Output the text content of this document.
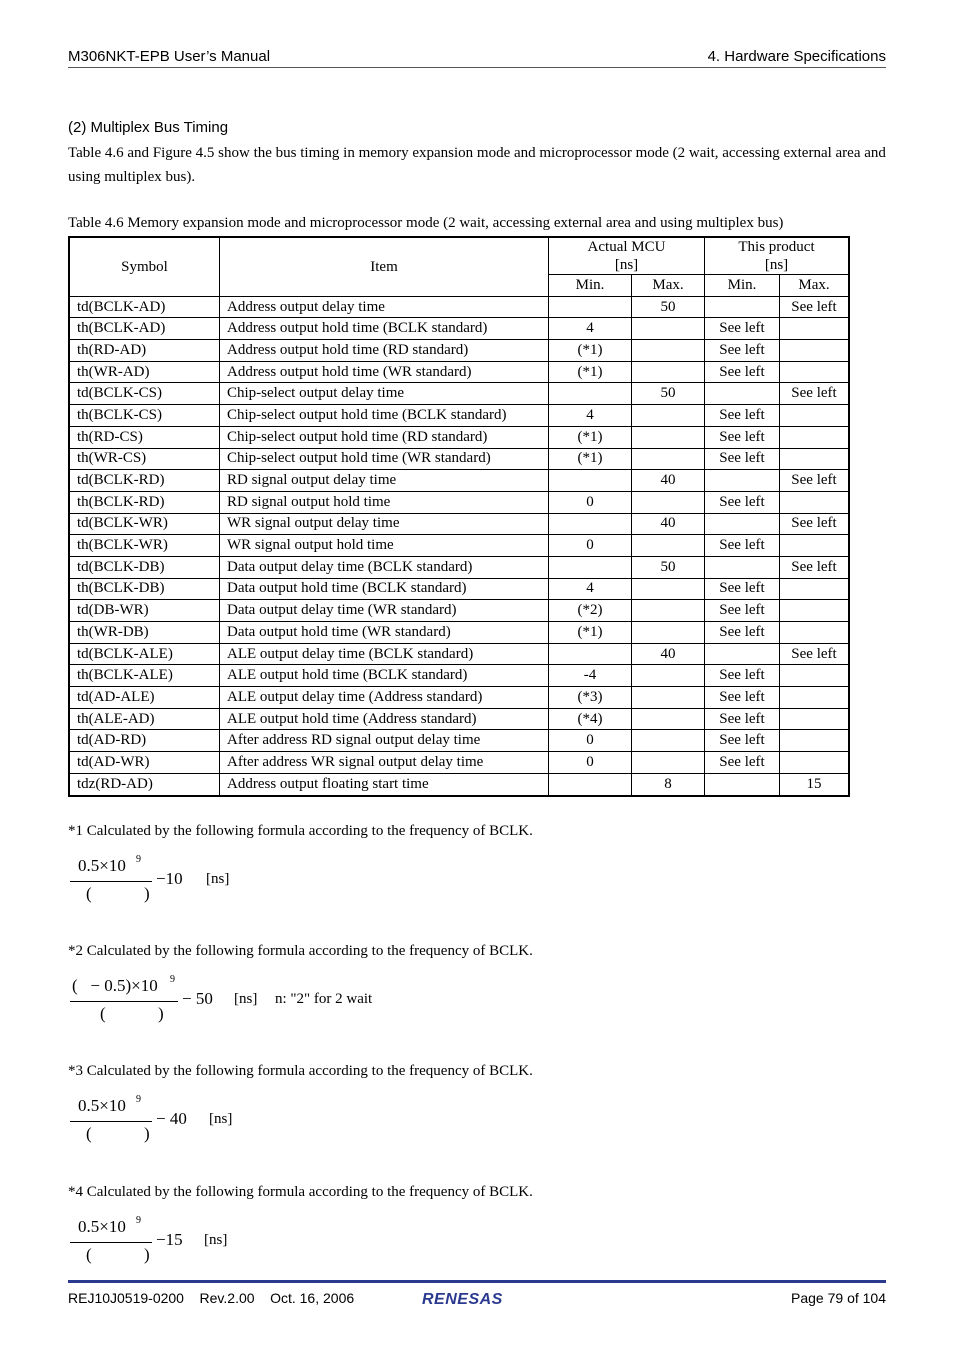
M306NKT-EPB User’s Manual	4. Hardware Specifications
(2) Multiplex Bus Timing
Table 4.6 and Figure 4.5 show the bus timing in memory expansion mode and microprocessor mode (2 wait, accessing external area and using multiplex bus).
Table 4.6 Memory expansion mode and microprocessor mode (2 wait, accessing external area and using multiplex bus)
Symbol	Item	Actual MCU
[ns]		This product
[ns]	
		Min.	Max.	Min.	Max.
td(BCLK-AD)	Address output delay time		50		See left
th(BCLK-AD)	Address output hold time (BCLK standard)	4		See left	
th(RD-AD)	Address output hold time (RD standard)	(*1)		See left	
th(WR-AD)	Address output hold time (WR standard)	(*1)		See left	
td(BCLK-CS)	Chip-select output delay time		50		See left
th(BCLK-CS)	Chip-select output hold time (BCLK standard)	4		See left	
th(RD-CS)	Chip-select output hold time (RD standard)	(*1)		See left	
th(WR-CS)	Chip-select output hold time (WR standard)	(*1)		See left	
td(BCLK-RD)	RD signal output delay time		40		See left
th(BCLK-RD)	RD signal output hold time	0		See left	
td(BCLK-WR)	WR signal output delay time		40		See left
th(BCLK-WR)	WR signal output hold time	0		See left	
td(BCLK-DB)	Data output delay time (BCLK standard)		50		See left
th(BCLK-DB)	Data output hold time (BCLK standard)	4		See left	
td(DB-WR)	Data output delay time (WR standard)	(*2)		See left	
th(WR-DB)	Data output hold time (WR standard)	(*1)		See left	
td(BCLK-ALE)	ALE output delay time (BCLK standard)		40		See left
th(BCLK-ALE)	ALE output hold time (BCLK standard)	-4		See left	
td(AD-ALE)	ALE output delay time (Address standard)	(*3)		See left	
th(ALE-AD)	ALE output hold time (Address standard)	(*4)		See left	
td(AD-RD)	After address RD signal output delay time	0		See left	
td(AD-WR)	After address WR signal output delay time	0		See left	
tdz(RD-AD)	Address output floating start time		8		15
*1 Calculated by the following formula according to the frequency of BCLK.
0.5×10 9
(	)
−10 [ns]
*2 Calculated by the following formula according to the frequency of BCLK.
(   − 0.5)×10 9
(	)
− 50 [ns] n: "2" for 2 wait
*3 Calculated by the following formula according to the frequency of BCLK.
0.5×10 9
(	)
− 40 [ns]
*4 Calculated by the following formula according to the frequency of BCLK.
0.5×10 9
(	)
−15 [ns]
REJ10J0519-0200    Rev.2.00    Oct. 16, 2006	RENESAS	Page 79 of 104
